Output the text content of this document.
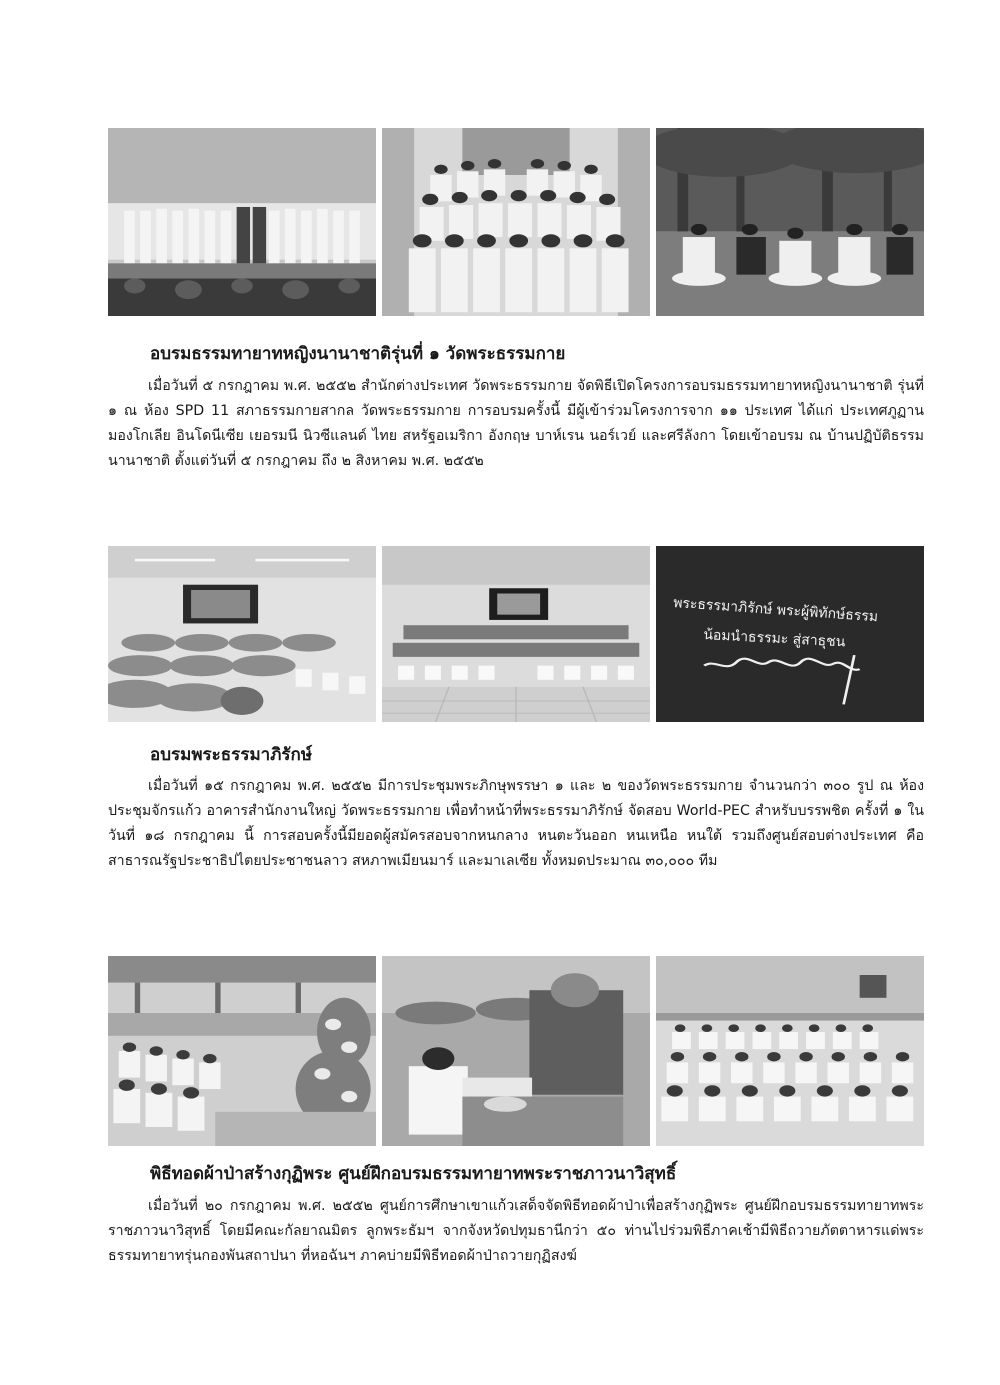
อบรมธรรมทายาทหญิงนานาชาติรุ่นที่ ๑ วัดพระธรรมกาย

เมื่อวันที่ ๕ กรกฎาคม พ.ศ. ๒๕๕๒ สำนักต่างประเทศ วัดพระธรรมกาย จัดพิธีเปิดโครงการอบรมธรรมทายาทหญิงนานาชาติ รุ่นที่ ๑ ณ ห้อง SPD 11 สภาธรรมกายสากล วัดพระธรรมกาย การอบรมครั้งนี้ มีผู้เข้าร่วมโครงการจาก ๑๑ ประเทศ ได้แก่ ประเทศภูฏาน มองโกเลีย อินโดนีเซีย เยอรมนี นิวซีแลนด์ ไทย สหรัฐอเมริกา อังกฤษ บาห์เรน นอร์เวย์ และศรีลังกา โดยเข้าอบรม ณ บ้านปฏิบัติธรรมนานาชาติ ตั้งแต่วันที่ ๕ กรกฎาคม ถึง ๒ สิงหาคม พ.ศ. ๒๕๕๒

พระธรรมาภิรักษ์ พระผู้พิทักษ์ธรรม
น้อมนำธรรมะ สู่สาธุชน
อบรมพระธรรมาภิรักษ์

เมื่อวันที่ ๑๕ กรกฎาคม พ.ศ. ๒๕๕๒ มีการประชุมพระภิกษุพรรษา ๑ และ ๒ ของวัดพระธรรมกาย จำนวนกว่า ๓๐๐ รูป ณ ห้องประชุมจักรแก้ว อาคารสำนักงานใหญ่ วัดพระธรรมกาย เพื่อทำหน้าที่พระธรรมาภิรักษ์ จัดสอบ World-PEC สำหรับบรรพชิต ครั้งที่ ๑ ในวันที่ ๑๘ กรกฎาคม นี้ การสอบครั้งนี้มียอดผู้สมัครสอบจากหนกลาง หนตะวันออก หนเหนือ หนใต้ รวมถึงศูนย์สอบต่างประเทศ คือ สาธารณรัฐประชาธิปไตยประชาชนลาว สหภาพเมียนมาร์ และมาเลเซีย ทั้งหมดประมาณ ๓๐,๐๐๐ ทีม

พิธีทอดผ้าป่าสร้างกุฏิพระ ศูนย์ฝึกอบรมธรรมทายาทพระราชภาวนาวิสุทธิ์

เมื่อวันที่ ๒๐ กรกฎาคม พ.ศ. ๒๕๕๒ ศูนย์การศึกษาเขาแก้วเสด็จจัดพิธีทอดผ้าป่าเพื่อสร้างกุฏิพระ ศูนย์ฝึกอบรมธรรมทายาทพระราชภาวนาวิสุทธิ์ โดยมีคณะกัลยาณมิตร ลูกพระธัมฯ จากจังหวัดปทุมธานีกว่า ๕๐ ท่านไปร่วมพิธีภาคเช้ามีพิธีถวายภัตตาหารแด่พระธรรมทายาทรุ่นกองพันสถาปนา ที่หอฉันฯ ภาคบ่ายมีพิธีทอดผ้าป่าถวายกุฏิสงฆ์
